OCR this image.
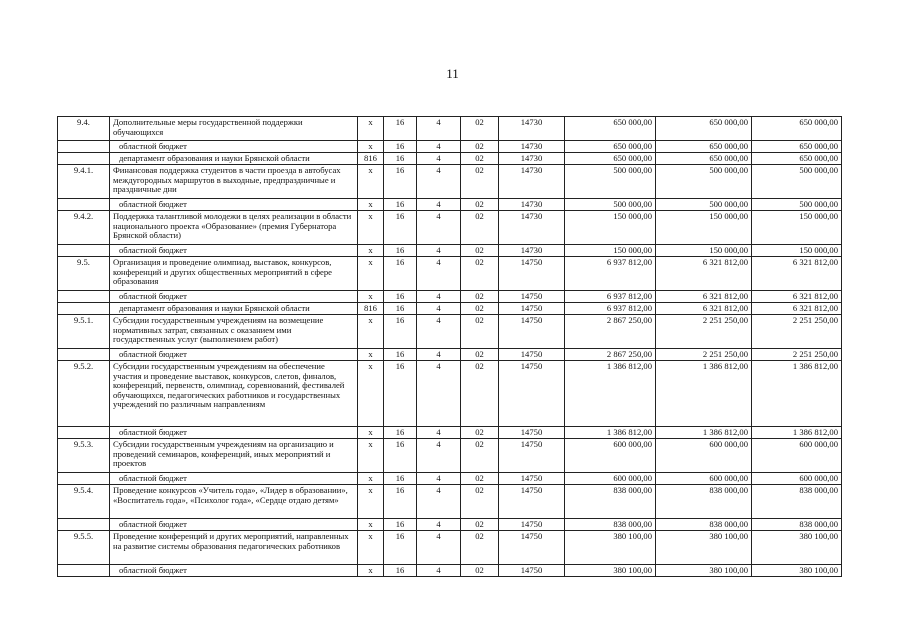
11
9.4.	Дополнительные меры государственной поддержки обучающихся	x	16	4	02	14730	650 000,00	650 000,00	650 000,00
	областной бюджет	x	16	4	02	14730	650 000,00	650 000,00	650 000,00
	департамент образования и науки Брянской области	816	16	4	02	14730	650 000,00	650 000,00	650 000,00
9.4.1.	Финансовая поддержка студентов в части проезда в автобусах междугородных маршрутов в выходные, предпраздничные и праздничные дни	x	16	4	02	14730	500 000,00	500 000,00	500 000,00
	областной бюджет	x	16	4	02	14730	500 000,00	500 000,00	500 000,00
9.4.2.	Поддержка талантливой молодежи в целях реализации в области национального проекта «Образование» (премия Губернатора Брянской области)	x	16	4	02	14730	150 000,00	150 000,00	150 000,00
	областной бюджет	x	16	4	02	14730	150 000,00	150 000,00	150 000,00
9.5.	Организация и проведение олимпиад, выставок, конкурсов, конференций и других общественных мероприятий в сфере образования	x	16	4	02	14750	6 937 812,00	6 321 812,00	6 321 812,00
	областной бюджет	x	16	4	02	14750	6 937 812,00	6 321 812,00	6 321 812,00
	департамент образования и науки Брянской области	816	16	4	02	14750	6 937 812,00	6 321 812,00	6 321 812,00
9.5.1.	Субсидии государственным учреждениям на возмещение нормативных затрат, связанных с оказанием ими государственных услуг (выполнением работ)	x	16	4	02	14750	2 867 250,00	2 251 250,00	2 251 250,00
	областной бюджет	x	16	4	02	14750	2 867 250,00	2 251 250,00	2 251 250,00
9.5.2.	Субсидии государственным учреждениям на обеспечение участия и проведение выставок, конкурсов, слетов, финалов, конференций, первенств, олимпиад, соревнований, фестивалей обучающихся, педагогических работников и государственных учреждений по различным направлениям	x	16	4	02	14750	1 386 812,00	1 386 812,00	1 386 812,00
	областной бюджет	x	16	4	02	14750	1 386 812,00	1 386 812,00	1 386 812,00
9.5.3.	Субсидии государственным учреждениям на организацию и проведений семинаров, конференций, иных мероприятий и проектов	x	16	4	02	14750	600 000,00	600 000,00	600 000,00
	областной бюджет	x	16	4	02	14750	600 000,00	600 000,00	600 000,00
9.5.4.	Проведение конкурсов «Учитель года», «Лидер в образовании», «Воспитатель года», «Психолог года», «Сердце отдаю детям»	x	16	4	02	14750	838 000,00	838 000,00	838 000,00
	областной бюджет	x	16	4	02	14750	838 000,00	838 000,00	838 000,00
9.5.5.	Проведение конференций и других мероприятий, направленных на развитие системы образования педагогических работников	x	16	4	02	14750	380 100,00	380 100,00	380 100,00
	областной бюджет	x	16	4	02	14750	380 100,00	380 100,00	380 100,00
